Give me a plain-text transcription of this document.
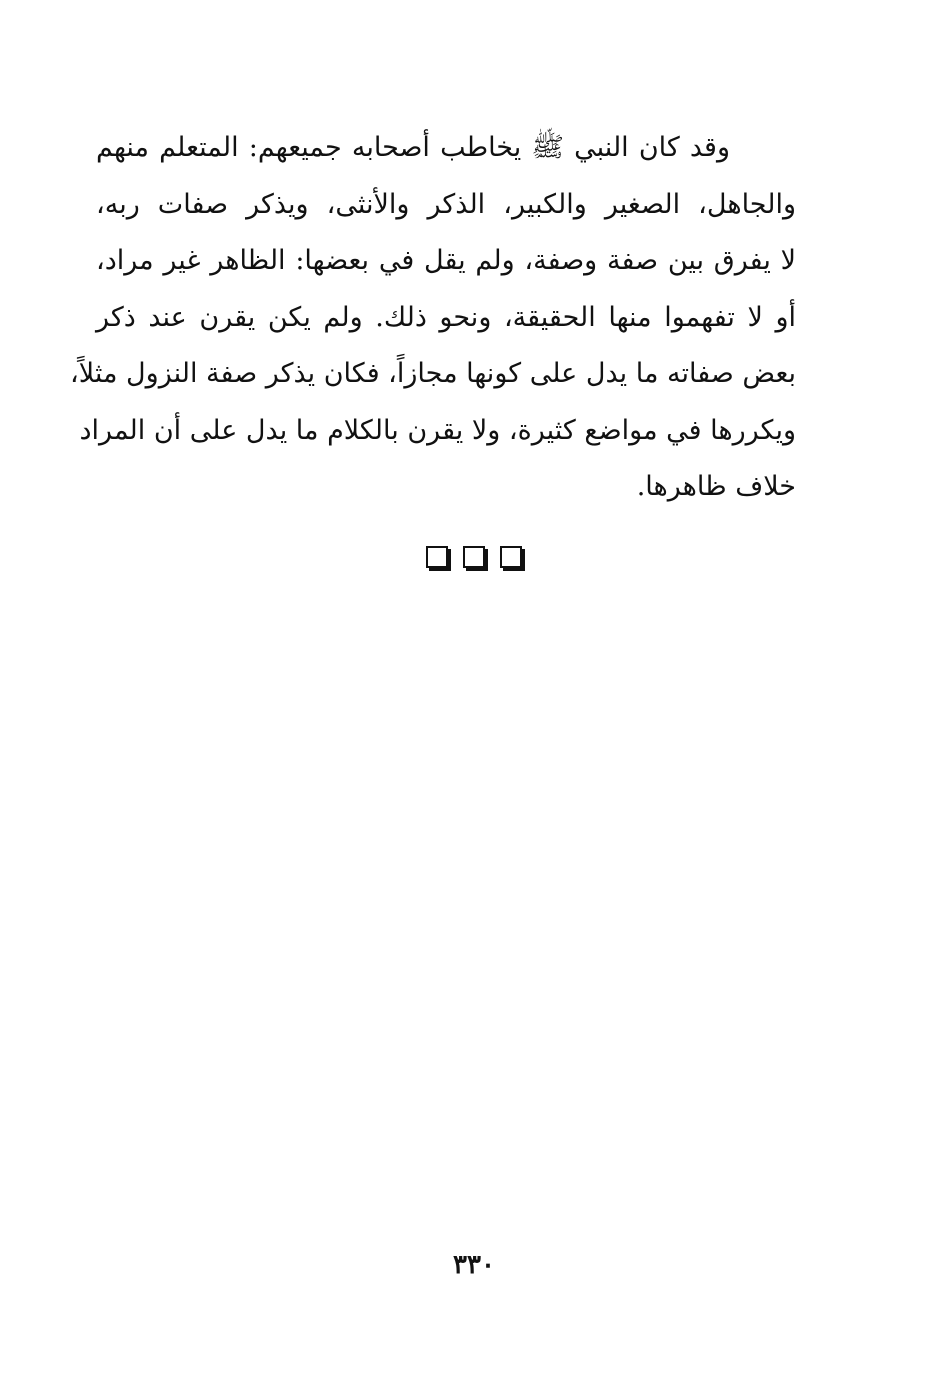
وقد كان النبي ﷺ يخاطب أصحابه جميعهم: المتعلم منهم
والجاهل، الصغير والكبير، الذكر والأنثى، ويذكر صفات ربه،
لا يفرق بين صفة وصفة، ولم يقل في بعضها: الظاهر غير مراد،
أو لا تفهموا منها الحقيقة، ونحو ذلك. ولم يكن يقرن عند ذكر
بعض صفاته ما يدل على كونها مجازاً، فكان يذكر صفة النزول مثلاً،
ويكررها في مواضع كثيرة، ولا يقرن بالكلام ما يدل على أن المراد
خلاف ظاهرها.
٣٣٠
